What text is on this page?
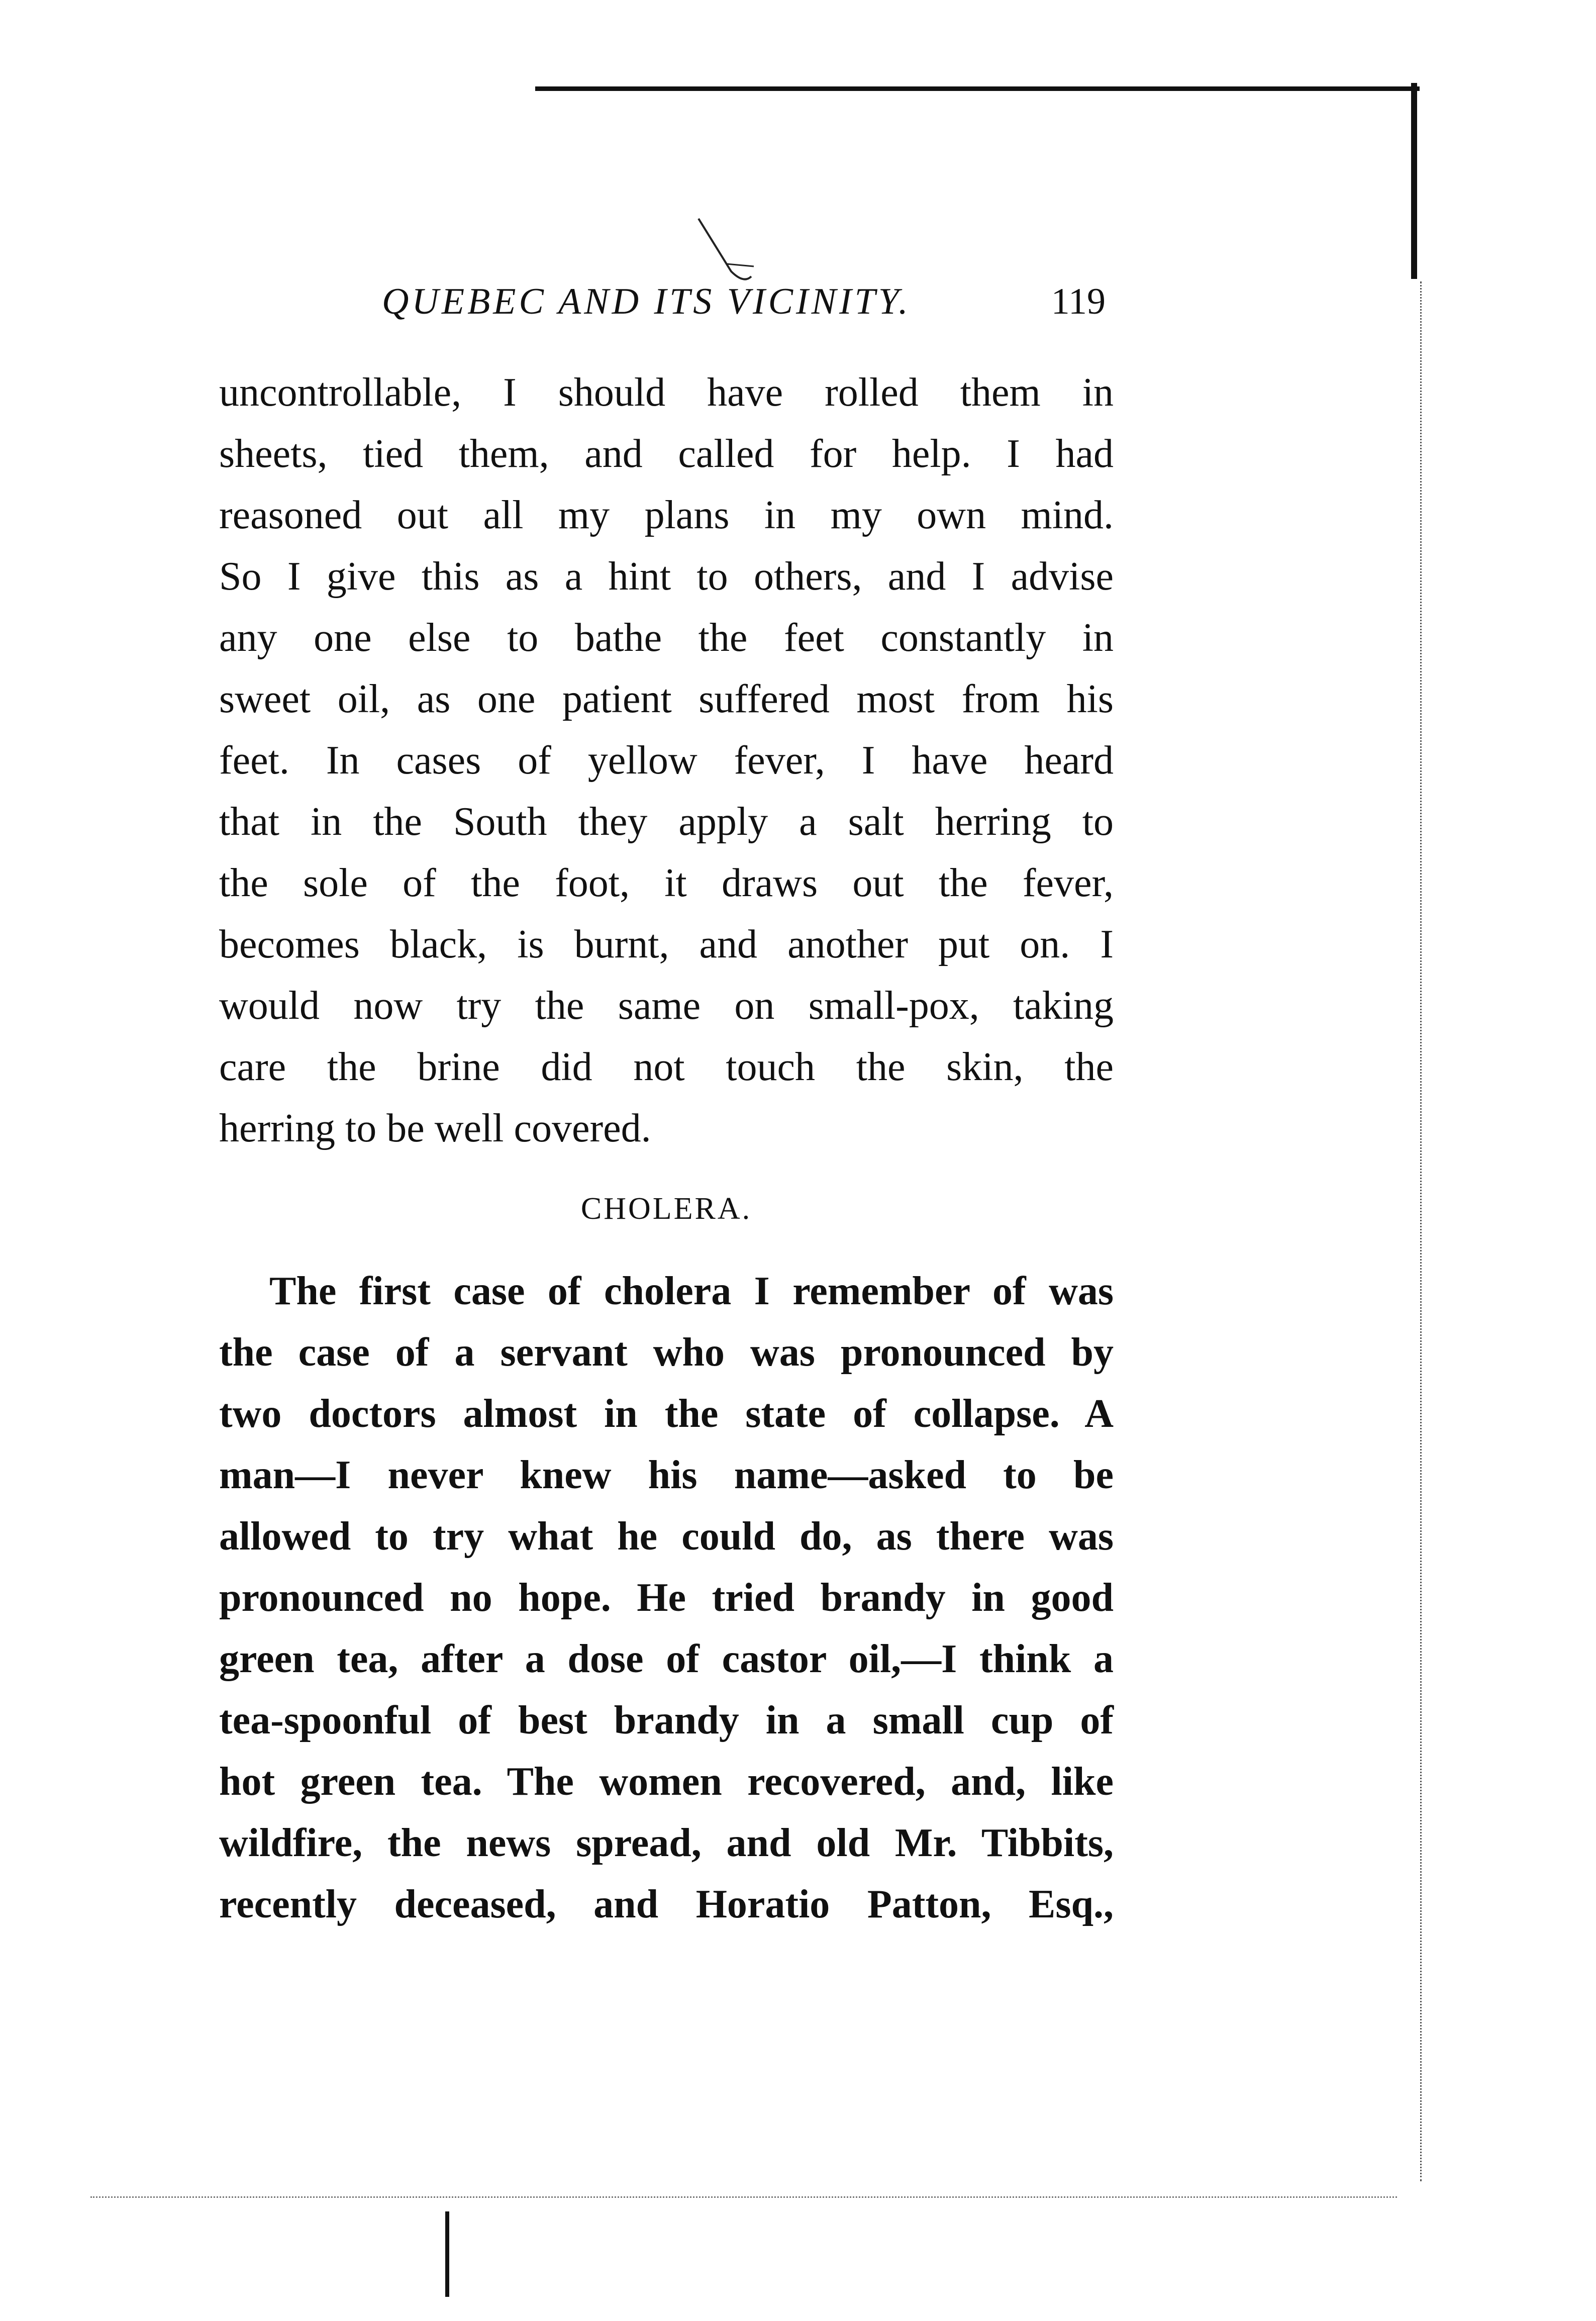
QUEBEC AND ITS VICINITY.	119
uncontrollable, I should have rolled them in
sheets, tied them, and called for help. I had
reasoned out all my plans in my own mind.
So I give this as a hint to others, and I advise
any one else to bathe the feet constantly in
sweet oil, as one patient suffered most from his
feet. In cases of yellow fever, I have heard
that in the South they apply a salt herring to
the sole of the foot, it draws out the fever,
becomes black, is burnt, and another put on. I
would now try the same on small-pox, taking
care the brine did not touch the skin, the
herring to be well covered.
CHOLERA.
The first case of cholera I remember of was
the case of a servant who was pronounced by
two doctors almost in the state of collapse. A
man—I never knew his name—asked to be
allowed to try what he could do, as there was
pronounced no hope. He tried brandy in good
green tea, after a dose of castor oil,—I think a
tea-spoonful of best brandy in a small cup of
hot green tea. The women recovered, and, like
wildfire, the news spread, and old Mr. Tibbits,
recently deceased, and Horatio Patton, Esq.,
